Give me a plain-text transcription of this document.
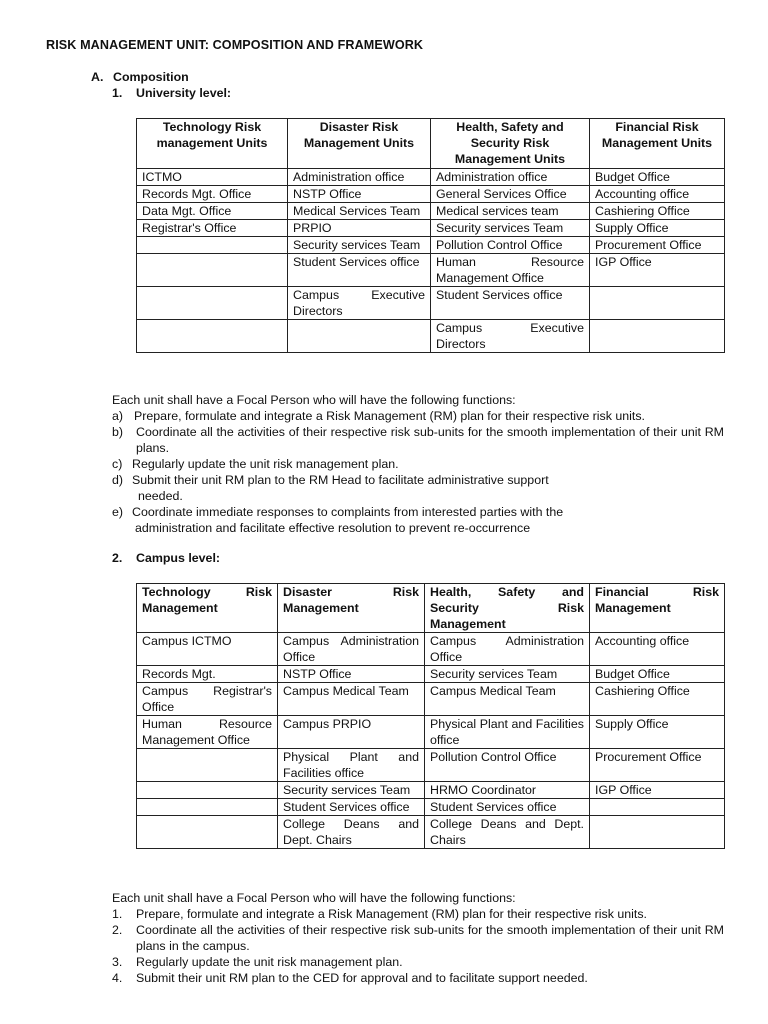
RISK MANAGEMENT UNIT: COMPOSITION AND FRAMEWORK
A. Composition
1. University level:
Technology Risk management Units	Disaster Risk Management Units	Health, Safety and Security Risk Management Units	Financial Risk Management Units
ICTMO	Administration office	Administration office	Budget Office
Records Mgt. Office	NSTP Office	General Services Office	Accounting office
Data Mgt. Office	Medical Services Team	Medical services team	Cashiering Office
Registrar's Office	PRPIO	Security services Team	Supply Office
	Security services Team	Pollution Control Office	Procurement Office
	Student Services office	Human Resource Management Office	IGP Office
	Campus Executive Directors	Student Services office	
		Campus Executive Directors	
Each unit shall have a Focal Person who will have the following functions:
a) Prepare, formulate and integrate a Risk Management (RM) plan for their respective risk units.
b)	Coordinate all the activities of their respective risk sub-units for the smooth implementation of their unit RM plans.
c) Regularly update the unit risk management plan.
d) Submit their unit RM plan to the RM Head to facilitate administrative support
needed.
e) Coordinate immediate responses to complaints from interested parties with the
administration and facilitate effective resolution to prevent re-occurrence
2. Campus level:
Technology Risk Management	Disaster Risk Management	Health, Safety and Security Risk Management	Financial Risk Management
Campus ICTMO	Campus Administration Office	Campus Administration Office	Accounting office
Records Mgt.	NSTP Office	Security services Team	Budget Office
Campus Registrar's Office	Campus Medical Team	Campus Medical Team	Cashiering Office
Human Resource Management Office	Campus PRPIO	Physical Plant and Facilities office	Supply Office
	Physical Plant and Facilities office	Pollution Control Office	Procurement Office
	Security services Team	HRMO Coordinator	IGP Office
	Student Services office	Student Services office	
	College Deans and Dept. Chairs	College Deans and Dept. Chairs	
Each unit shall have a Focal Person who will have the following functions:
1.	Prepare, formulate and integrate a Risk Management (RM) plan for their respective risk units.
2.	Coordinate all the activities of their respective risk sub-units for the smooth implementation of their unit RM plans in the campus.
3.	Regularly update the unit risk management plan.
4.	Submit their unit RM plan to the CED for approval and to facilitate support needed.
